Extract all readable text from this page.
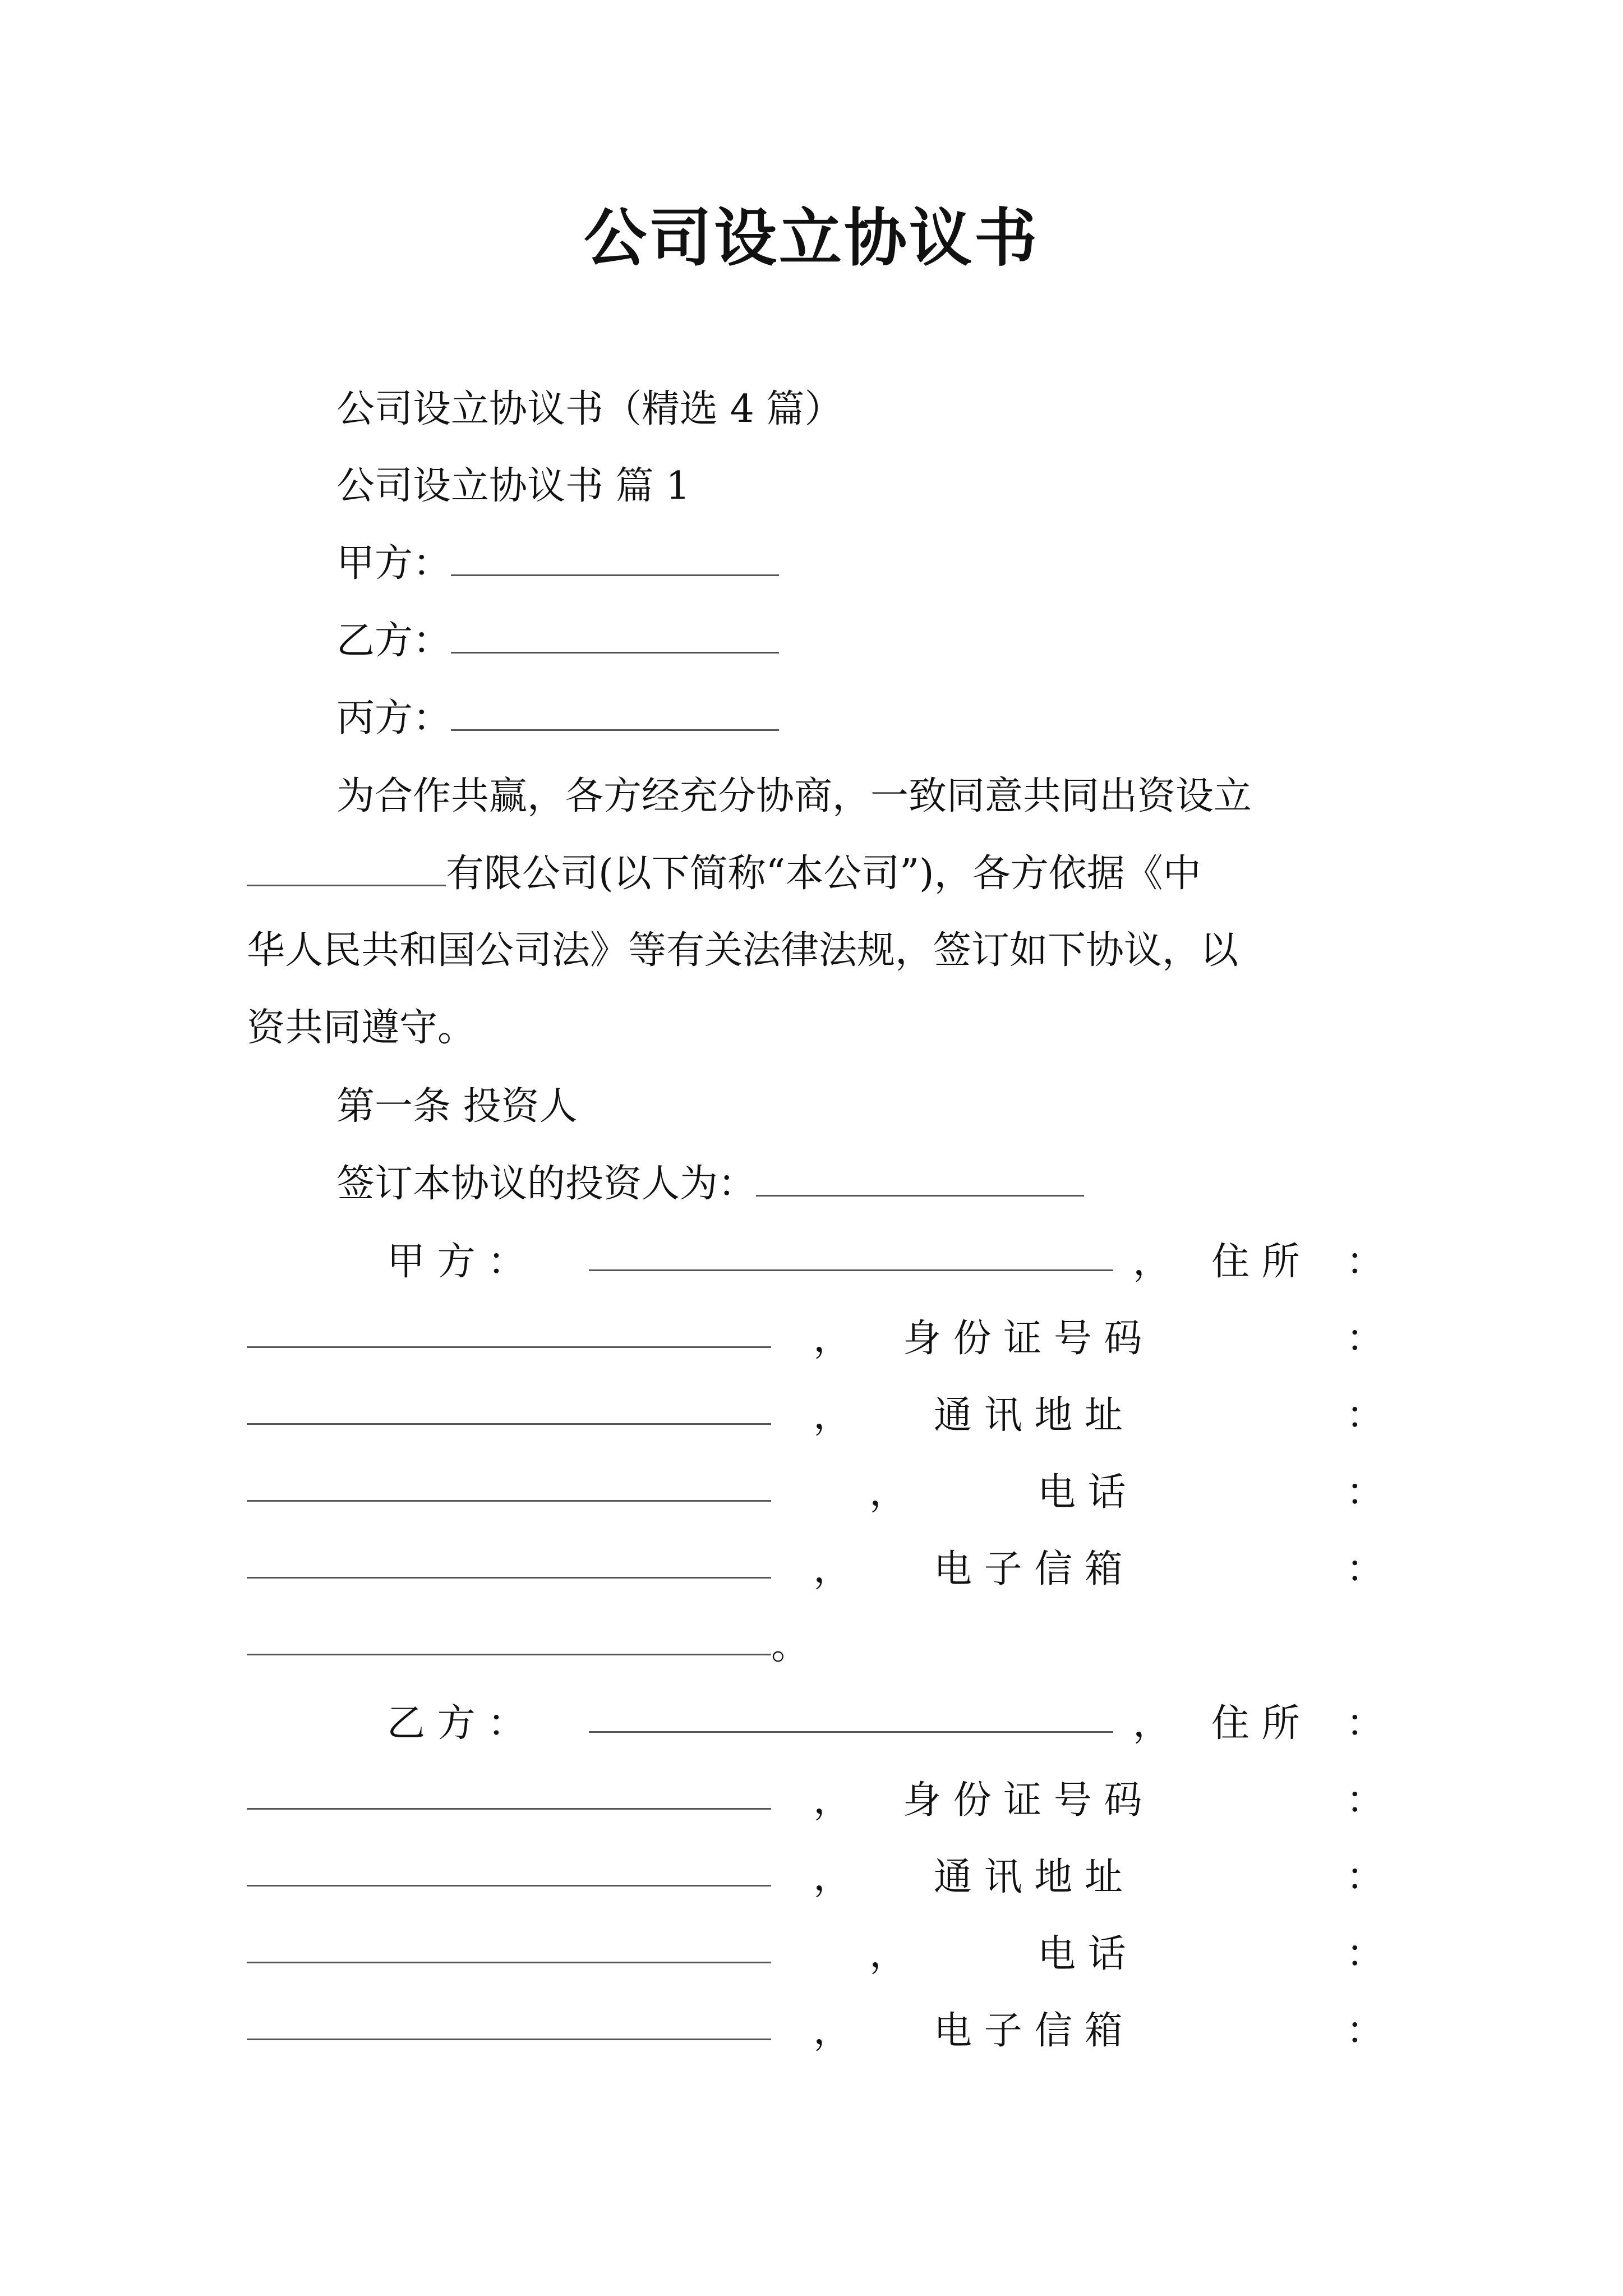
公司设立协议书
公司设立协议书（精选 4 篇）
公司设立协议书 篇 1
甲方：
乙方：
丙方：
为合作共赢，各方经充分协商，一致同意共同出资设立
有限公司(以下简称“本公司”)，各方依据《中
华人民共和国公司法》等有关法律法规，签订如下协议，以
资共同遵守。
第一条 投资人
签订本协议的投资人为：
甲 方 ：	， 住 所 ：
， 身 份 证 号 码	：
， 通 讯 地 址	：
，	电 话	：
， 电 子 信 箱	：
。
乙 方 ：	， 住 所 ：
， 身 份 证 号 码	：
， 通 讯 地 址	：
，	电 话	：
， 电 子 信 箱	：
